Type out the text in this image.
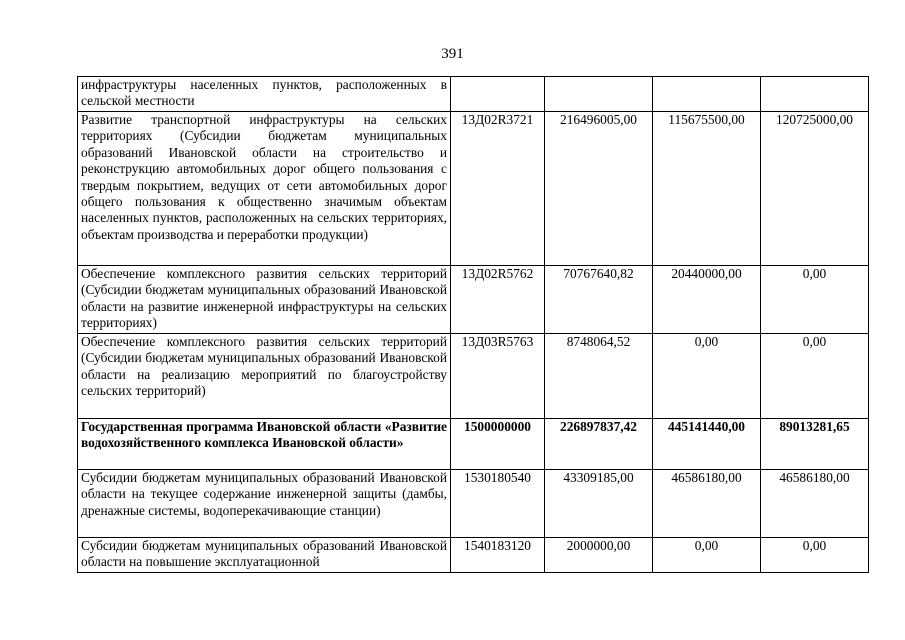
391
инфраструктуры населенных пунктов, расположенных в сельской местности				

Развитие транспортной инфраструктуры на сельских территориях (Субсидии бюджетам муниципальных образований Ивановской области на строительство и реконструкцию автомобильных дорог общего пользования с твердым покрытием, ведущих от сети автомобильных дорог общего пользования к общественно значимым объектам населенных пунктов, расположенных на сельских территориях, объектам производства и переработки продукции)	13Д02R3721	216496005,00	115675500,00	120725000,00

Обеспечение комплексного развития сельских территорий (Субсидии бюджетам муниципальных образований Ивановской области на развитие инженерной инфраструктуры на сельских территориях)	13Д02R5762	70767640,82	20440000,00	0,00

Обеспечение комплексного развития сельских территорий (Субсидии бюджетам муниципальных образований Ивановской области на реализацию мероприятий по благоустройству сельских территорий)	13Д03R5763	8748064,52	0,00	0,00

Государственная программа Ивановской области «Развитие водохозяйственного комплекса Ивановской области»	1500000000	226897837,42	445141440,00	89013281,65

Субсидии бюджетам муниципальных образований Ивановской области на текущее содержание инженерной защиты (дамбы, дренажные системы, водоперекачивающие станции)	1530180540	43309185,00	46586180,00	46586180,00

Субсидии бюджетам муниципальных образований Ивановской области на повышение эксплуатационной	1540183120	2000000,00	0,00	0,00
